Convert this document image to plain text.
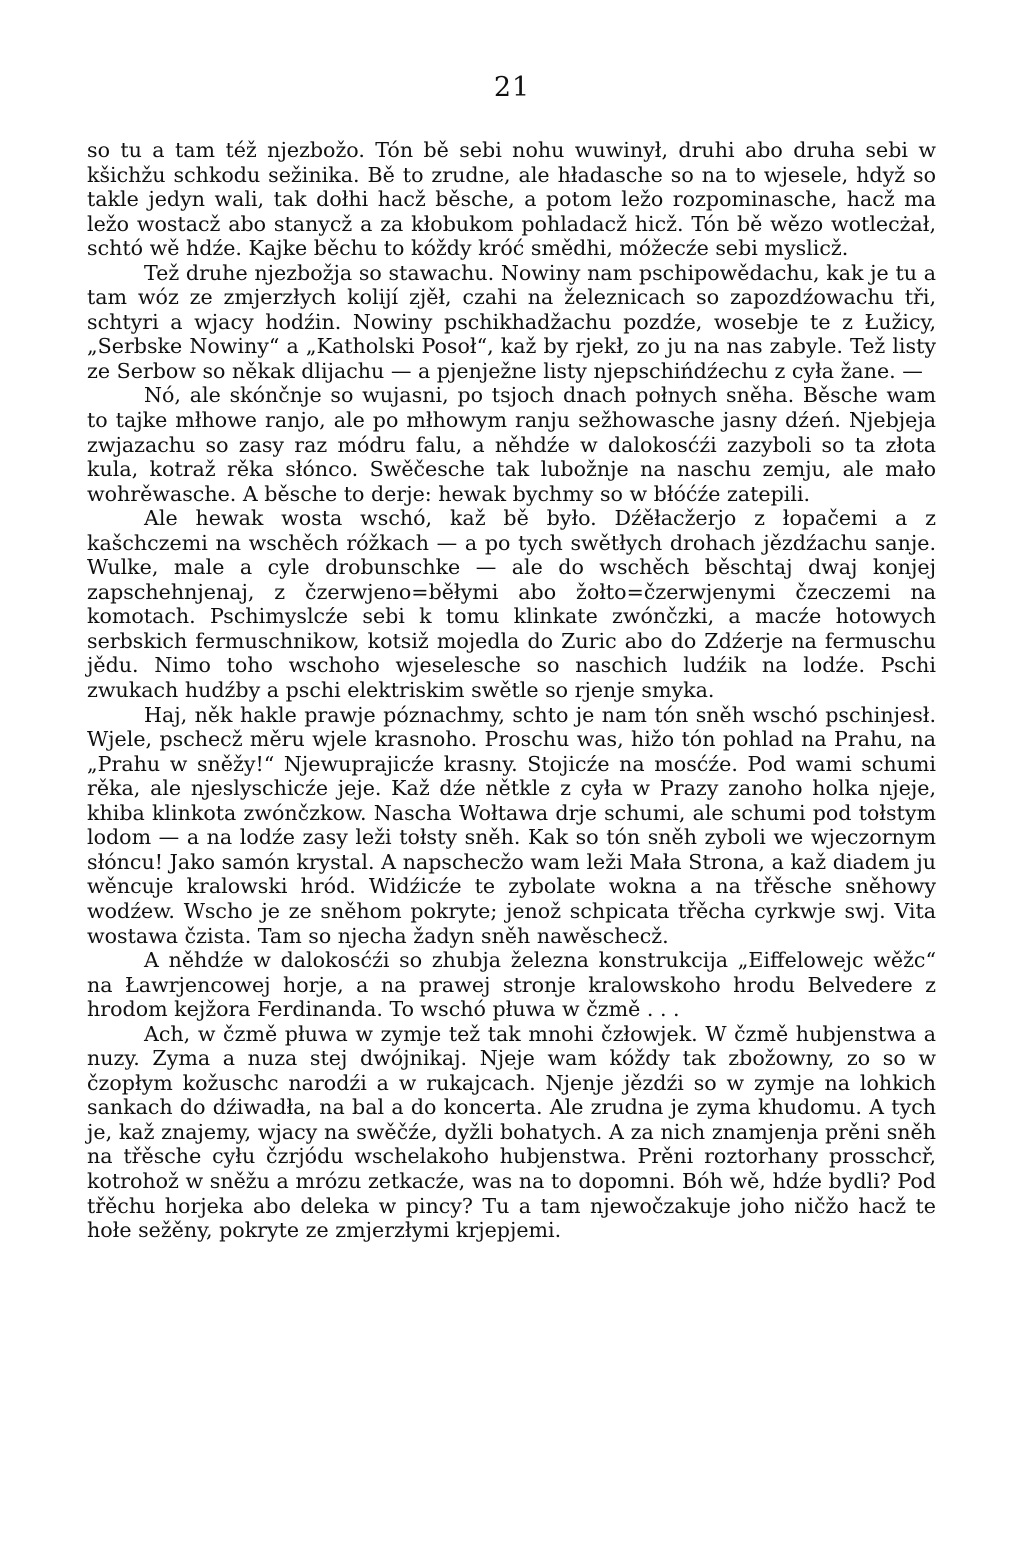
21

so tu a tam též njezbožo. Tón bě sebi nohu wuwinył, druhi abo druha sebi w kšichžu schkodu sežinika. Bě to zrudne, ale hładasche so na to wjesele, hdyž so takle jedyn wali, tak dołhi hacž běsche, a potom ležo rozpominasche, hacž ma ležo wostacž abo stanycž a za kłobukom pohladacž hicž. Tón bě wězo wotlecżał, schtó wě hdźe. Kajke běchu to kóždy króć smědhi, móžecźe sebi myslicž.

Tež druhe njezbožja so stawachu. Nowiny nam pschipowědachu, kak je tu a tam wóz ze zmjerzłych kolijí zjěł, czahi na železnicach so zapozdźowachu tři, schtyri a wjacy hodźin. Nowiny pschikhadžachu pozdźe, wosebje te z Łužicy, „Serbske Nowiny“ a „Katholski Posoł“, kaž by rjekł, zo ju na nas zabyle. Tež listy ze Serbow so někak dlijachu — a pjenježne listy njepschińdźechu z cyła žane. —

Nó, ale skónčnje so wujasni, po tsjoch dnach połnych sněha. Běsche wam to tajke młhowe ranjo, ale po młhowym ranju sežhowasche jasny dźeń. Njebjeja zwjazachu so zasy raz módru falu, a něhdźe w dalokosćźi zazyboli so ta złota kula, kotraž rěka słónco. Swěčesche tak lubožnje na naschu zemju, ale mało wohrěwasche. A běsche to derje: hewak bychmy so w błóćźe zatepili.

Ale hewak wosta wschó, kaž bě było. Dźěłacžerjo z łopačemi a z kašchczemi na wschěch róžkach — a po tych swětłych drohach jězdźachu sanje. Wulke, male a cyle drobunschke — ale do wschěch běschtaj dwaj konjej zapschehnjenaj, z čzerwjeno=běłymi abo žołto=čzerwjenymi čzeczemi na komotach. Pschimyslcźe sebi k tomu klinkate zwónčzki, a macźe hotowych serbskich fermuschnikow, kotsiž mojedla do Zuric abo do Zdźerje na fermuschu jědu. Nimo toho wschoho wjeselesche so naschich ludźik na lodźe. Pschi zwukach hudźby a pschi elektriskim swětle so rjenje smyka.

Haj, něk hakle prawje póznachmy, schto je nam tón sněh wschó pschinjesł. Wjele, pschecž měru wjele krasnoho. Proschu was, hižo tón pohlad na Prahu, na „Prahu w sněžy!“ Njewuprajicźe krasny. Stojicźe na mosćźe. Pod wami schumi rěka, ale njeslyschicźe jeje. Kaž dźe nětkle z cyła w Prazy zanoho holka njeje, khiba klinkota zwónčzkow. Nascha Wołtawa drje schumi, ale schumi pod tołstym lodom — a na lodźe zasy leži tołsty sněh. Kak so tón sněh zyboli we wjeczornym słóncu! Jako samón krystal. A napschecžo wam leži Mała Strona, a kaž diadem ju wěncuje kralowski hród. Widźicźe te zybolate wokna a na třěsche sněhowy wodźew. Wscho je ze sněhom pokryte; jenož schpicata třěcha cyrkwje swj. Vita wostawa čzista. Tam so njecha žadyn sněh nawěschecž.

A něhdźe w dalokosćźi so zhubja železna konstrukcija „Eiffelowejc wěžc“ na Ławrjencowej horje, a na prawej stronje kralowskoho hrodu Belvedere z hrodom kejžora Ferdinanda. To wschó płuwa w čzmě . . .

Ach, w čzmě płuwa w zymje tež tak mnohi čzłowjek. W čzmě hubjenstwa a nuzy. Zyma a nuza stej dwójnikaj. Njeje wam kóždy tak zbožowny, zo so w čzopłym kožuschc narodźi a w rukajcach. Njenje jězdźi so w zymje na lohkich sankach do dźiwadła, na bal a do koncerta. Ale zrudna je zyma khudomu. A tych je, kaž znajemy, wjacy na swěčźe, dyžli bohatych. A za nich znamjenja prěni sněh na třěsche cyłu čzrjódu wschelakoho hubjenstwa. Prěni roztorhany prosschcř, kotrohož w sněžu a mrózu zetkacźe, was na to dopomni. Bóh wě, hdźe bydli? Pod třěchu horjeka abo deleka w pincy? Tu a tam njewočzakuje joho ničžo hacž te hołe sežěny, pokryte ze zmjerzłymi krjepjemi.
